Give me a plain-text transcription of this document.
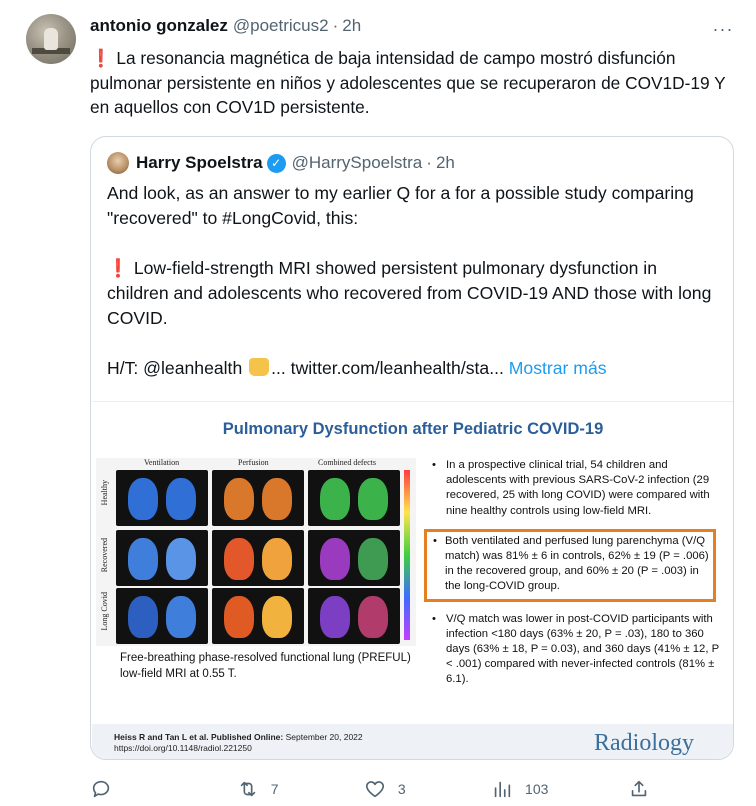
antonio gonzalez @poetricus2 · 2h	···
❗ La resonancia magnética de baja intensidad de campo mostró disfunción pulmonar persistente en niños y adolescentes que se recuperaron de COV1D-19 Y en aquellos con COV1D persistente.
Harry Spoelstra ✓ @HarrySpoelstra · 2h

And look, as an answer to my earlier Q for a for a possible study comparing "recovered" to #LongCovid, this:

❗ Low-field-strength MRI showed persistent pulmonary dysfunction in children and adolescents who recovered from COVID-19 AND those with long COVID.

H/T: @leanhealth ... twitter.com/leanhealth/sta... Mostrar más

Pulmonary Dysfunction after Pediatric COVID-19
Ventilation	Perfusion	Combined defects
Healthy
Recovered
Long Covid
Free-breathing phase-resolved functional lung (PREFUL) low-field MRI at 0.55 T.
• In a prospective clinical trial, 54 children and adolescents with previous SARS-CoV-2 infection (29 recovered, 25 with long COVID) were compared with nine healthy controls using low-field MRI.
• Both ventilated and perfused lung parenchyma (V/Q match) was 81% ± 6 in controls, 62% ± 19 (P = .006) in the recovered group, and 60% ± 20 (P = .003) in the long-COVID group.
• V/Q match was lower in post-COVID participants with infection <180 days (63% ± 20, P = .03), 180 to 360 days (63% ± 18, P = 0.03), and 360 days (41% ± 12, P < .001) compared with never-infected controls (81% ± 6.1).
Heiss R and Tan L et al. Published Online: September 20, 2022
https://doi.org/10.1148/radiol.221250	Radiology
7	3	103
